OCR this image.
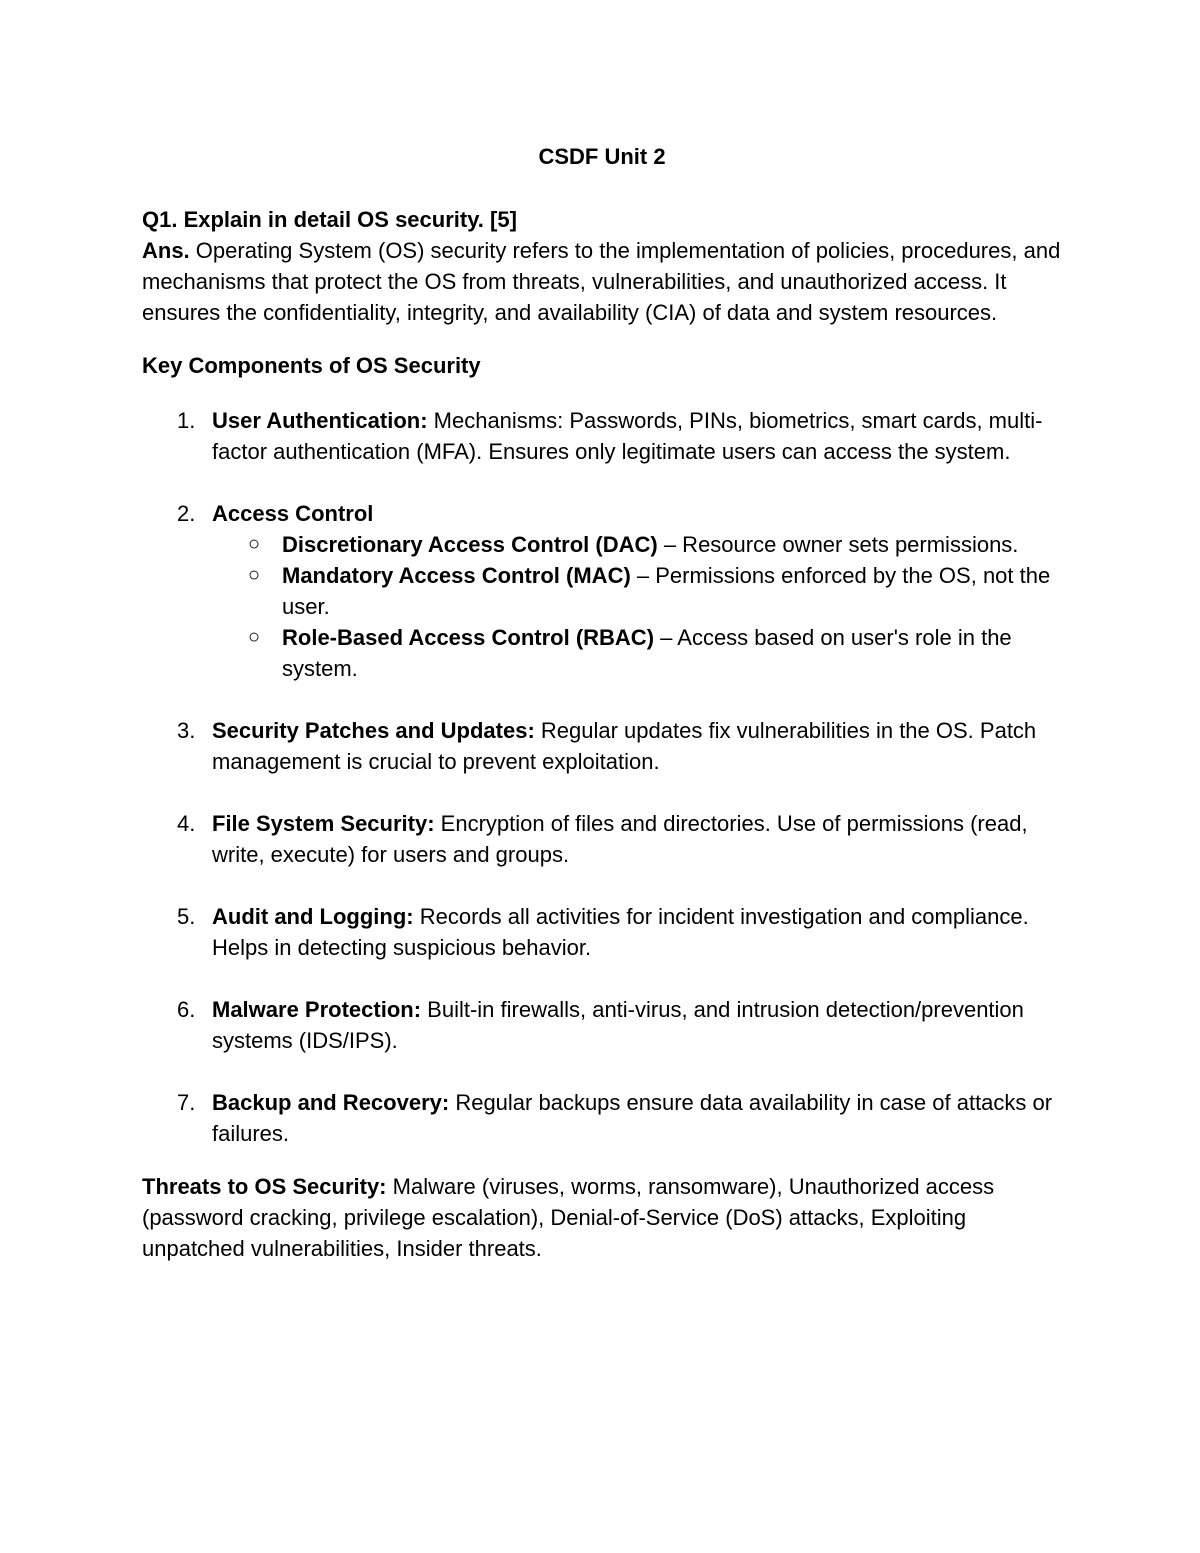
CSDF Unit 2
Q1. Explain in detail OS security. [5]

Ans. Operating System (OS) security refers to the implementation of policies, procedures, and mechanisms that protect the OS from threats, vulnerabilities, and unauthorized access. It ensures the confidentiality, integrity, and availability (CIA) of data and system resources.

Key Components of OS Security
1. User Authentication: Mechanisms: Passwords, PINs, biometrics, smart cards, multi-factor authentication (MFA). Ensures only legitimate users can access the system.
2. Access Control
○ Discretionary Access Control (DAC) – Resource owner sets permissions.
○ Mandatory Access Control (MAC) – Permissions enforced by the OS, not the user.
○ Role-Based Access Control (RBAC) – Access based on user's role in the system.
3. Security Patches and Updates: Regular updates fix vulnerabilities in the OS. Patch management is crucial to prevent exploitation.
4. File System Security: Encryption of files and directories. Use of permissions (read, write, execute) for users and groups.
5. Audit and Logging: Records all activities for incident investigation and compliance. Helps in detecting suspicious behavior.
6. Malware Protection: Built-in firewalls, anti-virus, and intrusion detection/prevention systems (IDS/IPS).
7. Backup and Recovery: Regular backups ensure data availability in case of attacks or failures.

Threats to OS Security: Malware (viruses, worms, ransomware), Unauthorized access (password cracking, privilege escalation), Denial-of-Service (DoS) attacks, Exploiting unpatched vulnerabilities, Insider threats.
